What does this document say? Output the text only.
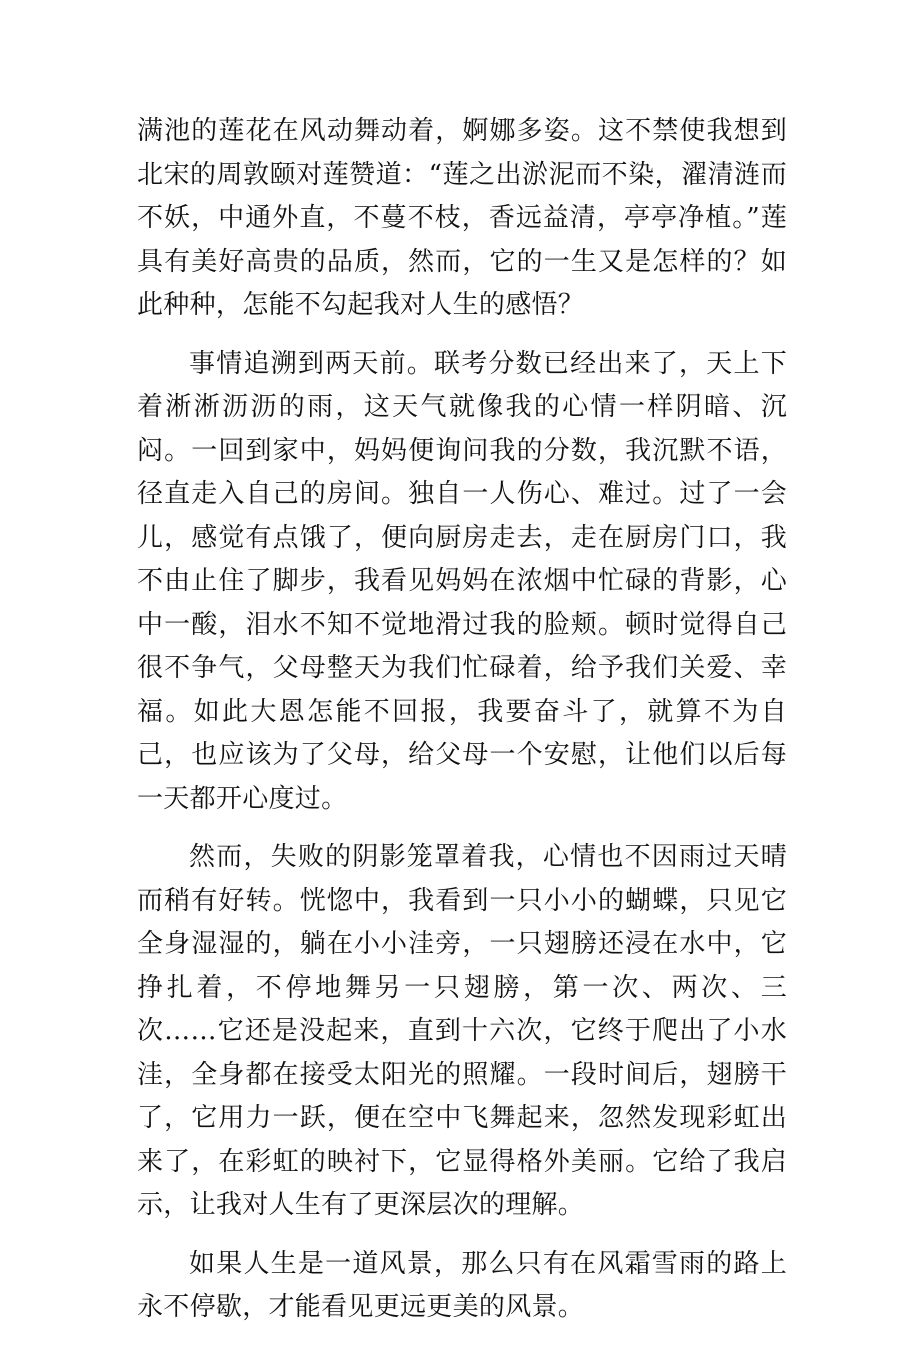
满池的莲花在风动舞动着，婀娜多姿。这不禁使我想到北宋的周敦颐对莲赞道：“莲之出淤泥而不染，濯清涟而不妖，中通外直，不蔓不枝，香远益清，亭亭净植。”莲具有美好高贵的品质，然而，它的一生又是怎样的？如此种种，怎能不勾起我对人生的感悟？

事情追溯到两天前。联考分数已经出来了，天上下着淅淅沥沥的雨，这天气就像我的心情一样阴暗、沉闷。一回到家中，妈妈便询问我的分数，我沉默不语，径直走入自己的房间。独自一人伤心、难过。过了一会儿，感觉有点饿了，便向厨房走去，走在厨房门口，我不由止住了脚步，我看见妈妈在浓烟中忙碌的背影，心中一酸，泪水不知不觉地滑过我的脸颊。顿时觉得自己很不争气，父母整天为我们忙碌着，给予我们关爱、幸福。如此大恩怎能不回报，我要奋斗了，就算不为自己，也应该为了父母，给父母一个安慰，让他们以后每一天都开心度过。

然而，失败的阴影笼罩着我，心情也不因雨过天晴而稍有好转。恍惚中，我看到一只小小的蝴蝶，只见它全身湿湿的，躺在小小洼旁，一只翅膀还浸在水中，它挣扎着，不停地舞另一只翅膀，第一次、两次、三次……它还是没起来，直到十六次，它终于爬出了小水洼，全身都在接受太阳光的照耀。一段时间后，翅膀干了，它用力一跃，便在空中飞舞起来，忽然发现彩虹出来了，在彩虹的映衬下，它显得格外美丽。它给了我启示，让我对人生有了更深层次的理解。

如果人生是一道风景，那么只有在风霜雪雨的路上永不停歇，才能看见更远更美的风景。
